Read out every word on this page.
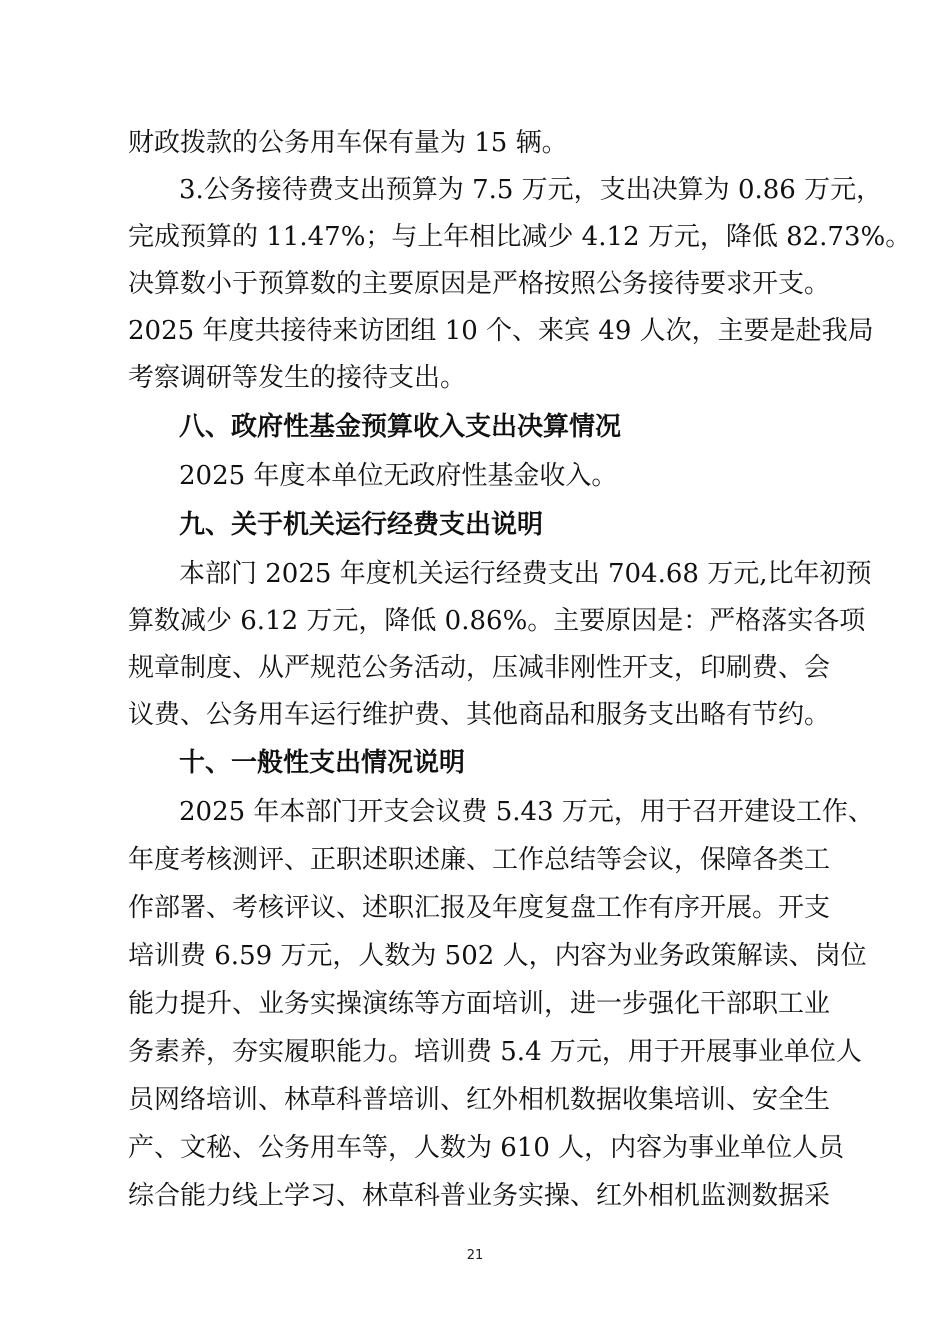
财政拨款的公务用车保有量为 15 辆。
3.公务接待费支出预算为 7.5 万元，支出决算为 0.86 万元，
完成预算的 11.47%；与上年相比减少 4.12 万元，降低 82.73%。
决算数小于预算数的主要原因是严格按照公务接待要求开支。
2025 年度共接待来访团组 10 个、来宾 49 人次，主要是赴我局
考察调研等发生的接待支出。
八、政府性基金预算收入支出决算情况
2025 年度本单位无政府性基金收入。
九、关于机关运行经费支出说明
本部门 2025 年度机关运行经费支出 704.68 万元,比年初预
算数减少 6.12 万元，降低 0.86%。主要原因是：严格落实各项
规章制度、从严规范公务活动，压减非刚性开支，印刷费、会
议费、公务用车运行维护费、其他商品和服务支出略有节约。
十、一般性支出情况说明
2025 年本部门开支会议费 5.43 万元，用于召开建设工作、
年度考核测评、正职述职述廉、工作总结等会议，保障各类工
作部署、考核评议、述职汇报及年度复盘工作有序开展。开支
培训费 6.59 万元，人数为 502 人，内容为业务政策解读、岗位
能力提升、业务实操演练等方面培训，进一步强化干部职工业
务素养，夯实履职能力。培训费 5.4 万元，用于开展事业单位人
员网络培训、林草科普培训、红外相机数据收集培训、安全生
产、文秘、公务用车等，人数为 610 人，内容为事业单位人员
综合能力线上学习、林草科普业务实操、红外相机监测数据采
21
